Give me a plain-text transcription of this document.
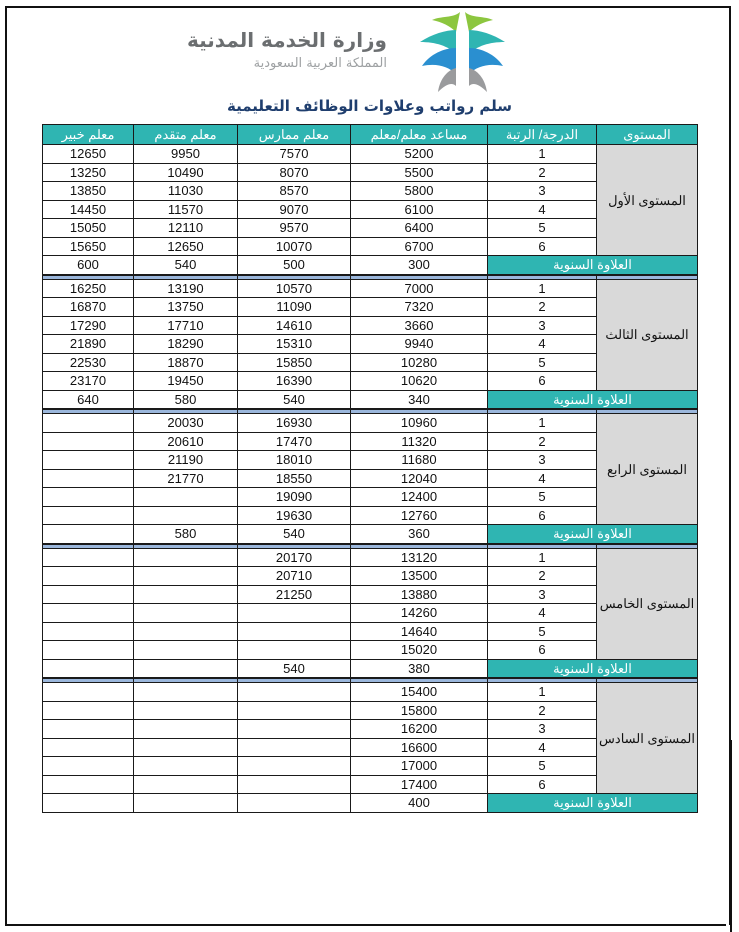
وزارة الخدمة المدنية
المملكة العربية السعودية
سلم رواتب وعلاوات الوظائف التعليمية
معلم خبير	معلم متقدم	معلم ممارس	مساعد معلم/معلم	الدرجة/ الرتبة	المستوى
12650	9950	7570	5200	1	المستوى الأول
13250	10490	8070	5500	2	
13850	11030	8570	5800	3	
14450	11570	9070	6100	4	
15050	12110	9570	6400	5	
15650	12650	10070	6700	6	
600	540	500	300	العلاوة السنوية	

16250	13190	10570	7000	1	المستوى الثالث
16870	13750	11090	7320	2	
17290	17710	14610	3660	3	
21890	18290	15310	9940	4	
22530	18870	15850	10280	5	
23170	19450	16390	10620	6	
640	580	540	340	العلاوة السنوية	

	20030	16930	10960	1	المستوى الرابع
	20610	17470	11320	2	
	21190	18010	11680	3	
	21770	18550	12040	4	
		19090	12400	5	
		19630	12760	6	
	580	540	360	العلاوة السنوية	

		20170	13120	1	المستوى الخامس
		20710	13500	2	
		21250	13880	3	
			14260	4	
			14640	5	
			15020	6	
		540	380	العلاوة السنوية	

			15400	1	المستوى السادس
			15800	2	
			16200	3	
			16600	4	
			17000	5	
			17400	6	
			400	العلاوة السنوية	
